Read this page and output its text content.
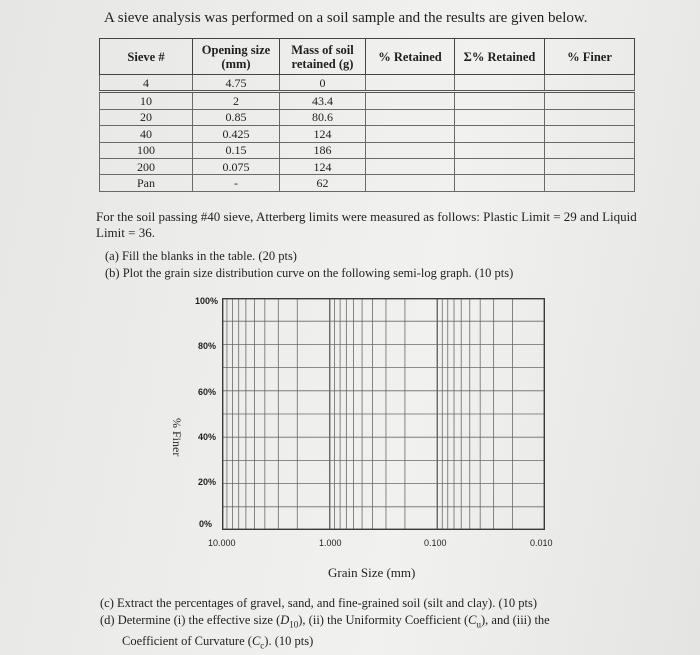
A sieve analysis was performed on a soil sample and the results are given below.
Sieve #	Opening size (mm)	Mass of soil retained (g)	% Retained	Σ% Retained	% Finer
4	4.75	0			
10	2	43.4			
20	0.85	80.6			
40	0.425	124			
100	0.15	186			
200	0.075	124			
Pan	-	62			
For the soil passing #40 sieve, Atterberg limits were measured as follows: Plastic Limit = 29 and Liquid Limit = 36.
(a) Fill the blanks in the table. (20 pts)
(b) Plot the grain size distribution curve on the following semi-log graph. (10 pts)
100%
80%
60%
40%
20%
0%
% Finer
10.000	1.000	0.100	0.010
Grain Size (mm)
(c) Extract the percentages of gravel, sand, and fine-grained soil (silt and clay). (10 pts)
(d) Determine (i) the effective size $(D_{10})$, (ii) the Uniformity Coefficient $(C_u)$, and (iii) the
Coefficient of Curvature $(C_c)$. (10 pts)
